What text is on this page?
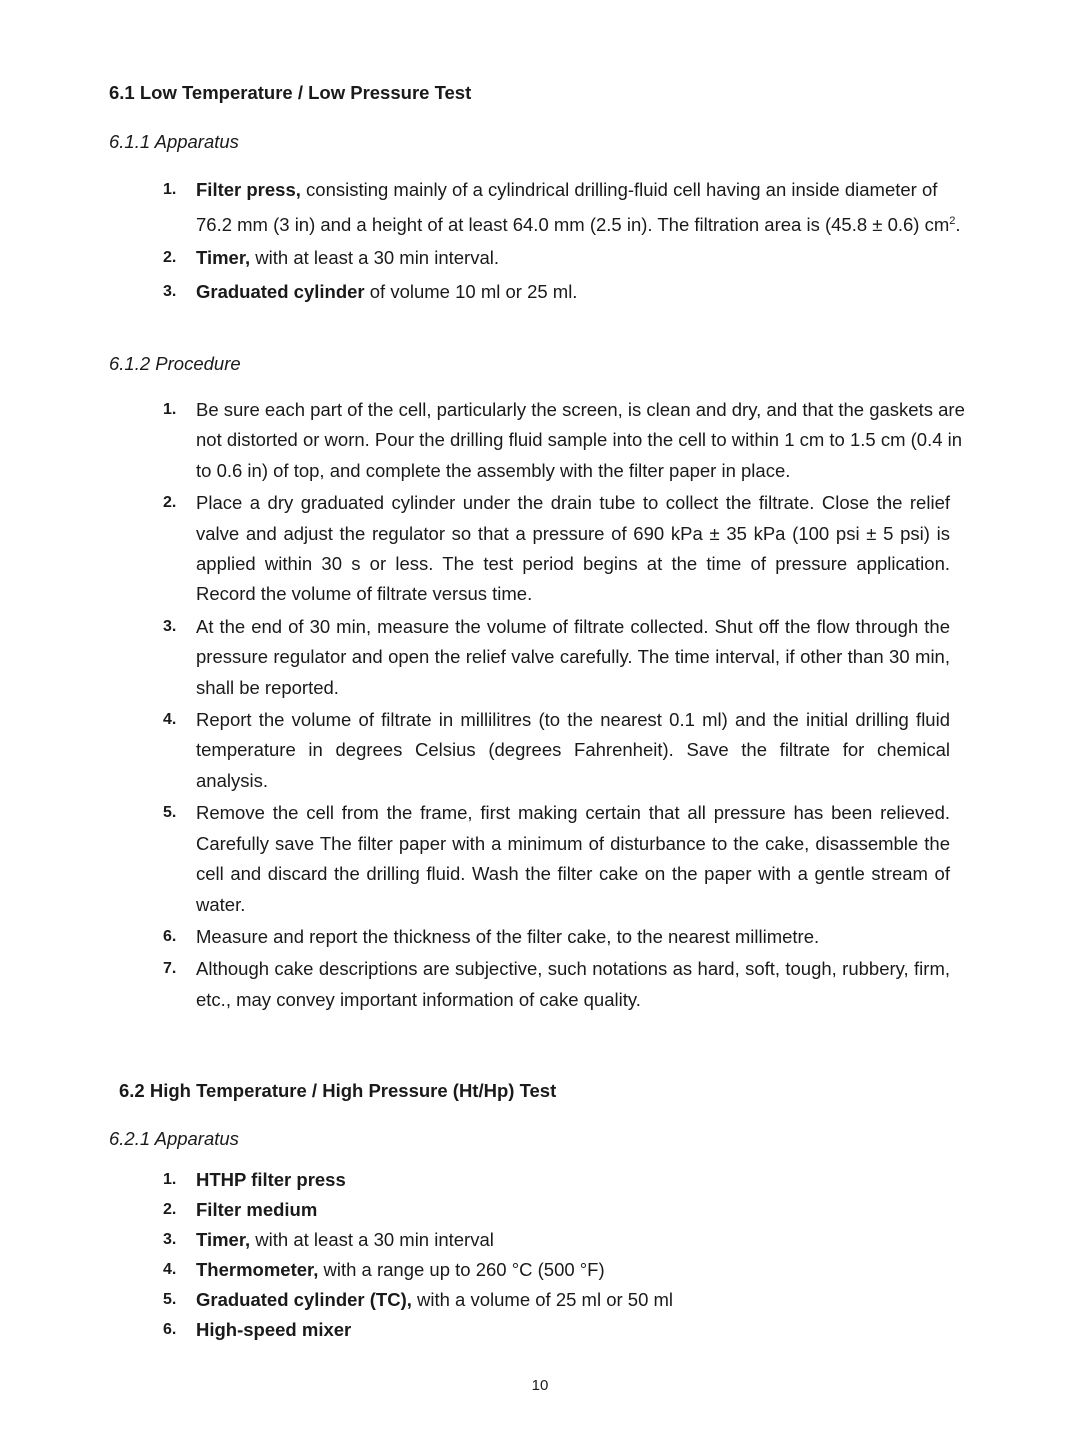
6.1 Low Temperature / Low Pressure Test
6.1.1 Apparatus
1.	Filter press, consisting mainly of a cylindrical drilling-fluid cell having an inside diameter of 76.2 mm (3 in) and a height of at least 64.0 mm (2.5 in). The filtration area is (45.8 ± 0.6) $cm^2$.
2.	Timer, with at least a 30 min interval.
3.	Graduated cylinder of volume 10 ml or 25 ml.
6.1.2 Procedure
1.	Be sure each part of the cell, particularly the screen, is clean and dry, and that the gaskets are not distorted or worn. Pour the drilling fluid sample into the cell to within 1 cm to 1.5 cm (0.4 in to 0.6 in) of top, and complete the assembly with the filter paper in place.
2.	Place a dry graduated cylinder under the drain tube to collect the filtrate. Close the relief valve and adjust the regulator so that a pressure of 690 kPa ± 35 kPa (100 psi ± 5 psi) is applied within 30 s or less. The test period begins at the time of pressure application. Record the volume of filtrate versus time.
3.	At the end of 30 min, measure the volume of filtrate collected. Shut off the flow through the pressure regulator and open the relief valve carefully. The time interval, if other than 30 min, shall be reported.
4.	Report the volume of filtrate in millilitres (to the nearest 0.1 ml) and the initial drilling fluid temperature in degrees Celsius (degrees Fahrenheit). Save the filtrate for chemical analysis.
5.	Remove the cell from the frame, first making certain that all pressure has been relieved. Carefully save The filter paper with a minimum of disturbance to the cake, disassemble the cell and discard the drilling fluid. Wash the filter cake on the paper with a gentle stream of water.
6.	Measure and report the thickness of the filter cake, to the nearest millimetre.
7.	Although cake descriptions are subjective, such notations as hard, soft, tough, rubbery, firm, etc., may convey important information of cake quality.
6.2 High Temperature / High Pressure (Ht/Hp) Test
6.2.1 Apparatus
1.	HTHP filter press
2.	Filter medium
3.	Timer, with at least a 30 min interval
4.	Thermometer, with a range up to 260 °C (500 °F)
5.	Graduated cylinder (TC), with a volume of 25 ml or 50 ml
6.	High-speed mixer
10
